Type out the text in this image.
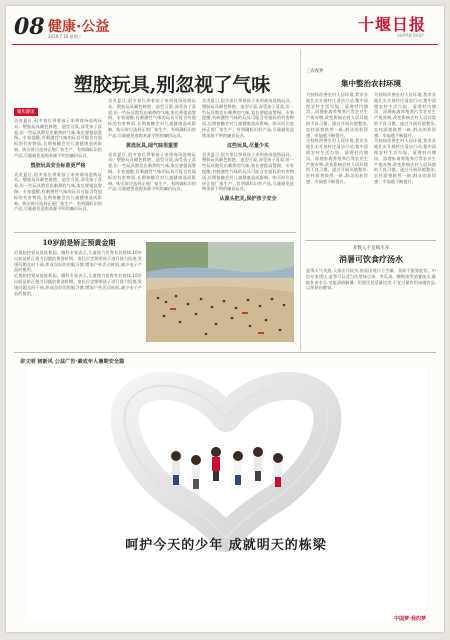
08 健康·公益
2019.7.16 星期二
十堰日报
SHIYAN DAILY
塑胶玩具,别忽视了气味
聚焦健康

炎炎夏日,很多家长带着孩子来到商场选购玩具。塑胶玩具颜色鲜艳、造型可爱,深受孩子喜爱,但一些玩具散发出刺鼻的气味,家长要提高警惕。专家提醒,有刺激性气味的玩具可能含有超标的有害物质,长期接触会对儿童健康造成影响。购买时应选择正规厂家生产、有明确标识的产品,尽量避免选购来源不明的廉价玩具。

塑胶玩具安全标准更严格

炎炎夏日,很多家长带着孩子来到商场选购玩具。塑胶玩具颜色鲜艳、造型可爱,深受孩子喜爱,但一些玩具散发出刺鼻的气味,家长要提高警惕。专家提醒,有刺激性气味的玩具可能含有超标的有害物质,长期接触会对儿童健康造成影响。购买时应选择正规厂家生产、有明确标识的产品,尽量避免选购来源不明的廉价玩具。

炎炎夏日,很多家长带着孩子来到商场选购玩具。塑胶玩具颜色鲜艳、造型可爱,深受孩子喜爱,但一些玩具散发出刺鼻的气味,家长要提高警惕。专家提醒,有刺激性气味的玩具可能含有超标的有害物质,长期接触会对儿童健康造成影响。购买时应选择正规厂家生产、有明确标识的产品,尽量避免选购来源不明的廉价玩具。

挑选玩具,闻气味很重要

炎炎夏日,很多家长带着孩子来到商场选购玩具。塑胶玩具颜色鲜艳、造型可爱,深受孩子喜爱,但一些玩具散发出刺鼻的气味,家长要提高警惕。专家提醒,有刺激性气味的玩具可能含有超标的有害物质,长期接触会对儿童健康造成影响。购买时应选择正规厂家生产、有明确标识的产品,尽量避免选购来源不明的廉价玩具。

炎炎夏日,很多家长带着孩子来到商场选购玩具。塑胶玩具颜色鲜艳、造型可爱,深受孩子喜爱,但一些玩具散发出刺鼻的气味,家长要提高警惕。专家提醒,有刺激性气味的玩具可能含有超标的有害物质,长期接触会对儿童健康造成影响。购买时应选择正规厂家生产、有明确标识的产品,尽量避免选购来源不明的廉价玩具。

这些玩具,尽量少买

炎炎夏日,很多家长带着孩子来到商场选购玩具。塑胶玩具颜色鲜艳、造型可爱,深受孩子喜爱,但一些玩具散发出刺鼻的气味,家长要提高警惕。专家提醒,有刺激性气味的玩具可能含有超标的有害物质,长期接触会对儿童健康造成影响。购买时应选择正规厂家生产、有明确标识的产品,尽量避免选购来源不明的廉价玩具。

从源头把关,保护孩子安全
10岁前是矫正预黄金期

近视防控要从娃娃抓起。眼科专家表示,儿童视力发育有其规律,10岁以前是矫正视力问题的黄金时期。家长应定期带孩子进行视力检查,发现问题及时干预,养成良好的用眼习惯,增加户外活动时间,减少电子产品的使用。

近视防控要从娃娃抓起。眼科专家表示,儿童视力发育有其规律,10岁以前是矫正视力问题的黄金时期。家长应定期带孩子进行视力检查,发现问题及时干预,养成良好的用眼习惯,增加户外活动时间,减少电子产品的使用。

三农视界
集中整治农村环境

为持续改善农村人居环境,我市各地扎实开展村庄清洁行动,集中清理农村生活垃圾、清理村内塘沟、清理畜禽养殖粪污等农业生产废弃物,改变影响农村人居环境的不良习惯。通过开展环境整治,农村面貌焕然一新,群众的获得感、幸福感不断提升。

为持续改善农村人居环境,我市各地扎实开展村庄清洁行动,集中清理农村生活垃圾、清理村内塘沟、清理畜禽养殖粪污等农业生产废弃物,改变影响农村人居环境的不良习惯。通过开展环境整治,农村面貌焕然一新,群众的获得感、幸福感不断提升。

为持续改善农村人居环境,我市各地扎实开展村庄清洁行动,集中清理农村生活垃圾、清理村内塘沟、清理畜禽养殖粪污等农业生产废弃物,改变影响农村人居环境的不良习惯。通过开展环境整治,农村面貌焕然一新,群众的获得感、幸福感不断提升。

为持续改善农村人居环境,我市各地扎实开展村庄清洁行动,集中清理农村生活垃圾、清理村内塘沟、清理畜禽养殖粪污等农业生产废弃物,改变影响农村人居环境的不良习惯。通过开展环境整治,农村面貌焕然一新,群众的获得感、幸福感不断提升。

多数人不足喝水多
消暑可饮食疗汤水

夏季天气炎热,人体出汗较多,容易出现口干舌燥、食欲不振等症状。中医专家建议,夏季可以适当饮用绿豆汤、冬瓜汤、酸梅汤等消暑汤水,既能补充水分,又能清热解暑。但要注意适量饮用,不宜过量饮用冰镇饮品,以免损伤脾胃。

讲文明 树新风 公益广告·素成年人暑期安全篇
呵护今天的少年 成就明天的栋梁
中国梦·我的梦
